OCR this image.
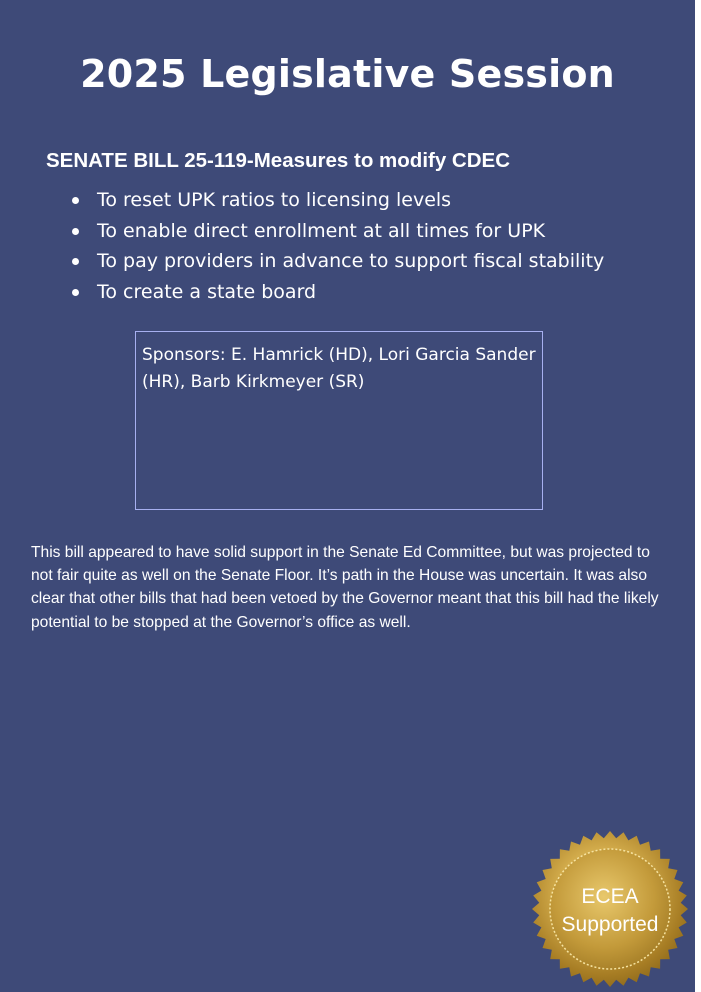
2025 Legislative Session
SENATE BILL 25-119-Measures to modify CDEC
To reset UPK ratios to licensing levels
To enable direct enrollment at all times for UPK
To pay providers in advance to support fiscal stability
To create a state board
Sponsors: E. Hamrick (HD), Lori Garcia Sander (HR), Barb Kirkmeyer (SR)

This bill appeared to have solid support in the Senate Ed Committee, but was projected to not fair quite as well on the Senate Floor. It’s path in the House was uncertain. It was also clear that other bills that had been vetoed by the Governor meant that this bill had the likely potential to be stopped at the Governor’s office as well.

ECEA
Supported
